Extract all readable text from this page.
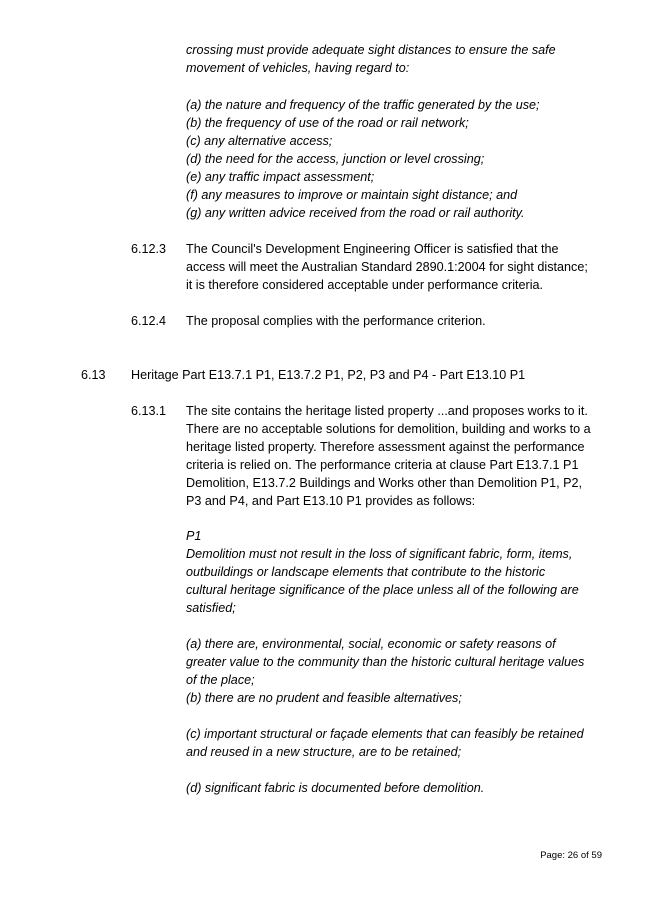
crossing must provide adequate sight distances to ensure the safe
movement of vehicles, having regard to:
(a) the nature and frequency of the traffic generated by the use;
(b) the frequency of use of the road or rail network;
(c) any alternative access;
(d) the need for the access, junction or level crossing;
(e) any traffic impact assessment;
(f) any measures to improve or maintain sight distance; and
(g) any written advice received from the road or rail authority.
6.12.3 The Council's Development Engineering Officer is satisfied that the
access will meet the Australian Standard 2890.1:2004 for sight distance;
it is therefore considered acceptable under performance criteria.
6.12.4 The proposal complies with the performance criterion.
6.13 Heritage Part E13.7.1 P1, E13.7.2 P1, P2, P3 and P4 - Part E13.10 P1
6.13.1 The site contains the heritage listed property ...and proposes works to it.
There are no acceptable solutions for demolition, building and works to a
heritage listed property. Therefore assessment against the performance
criteria is relied on. The performance criteria at clause Part E13.7.1 P1
Demolition, E13.7.2 Buildings and Works other than Demolition P1, P2,
P3 and P4, and Part E13.10 P1 provides as follows:
P1
Demolition must not result in the loss of significant fabric, form, items,
outbuildings or landscape elements that contribute to the historic
cultural heritage significance of the place unless all of the following are
satisfied;
(a) there are, environmental, social, economic or safety reasons of
greater value to the community than the historic cultural heritage values
of the place;
(b) there are no prudent and feasible alternatives;
(c) important structural or façade elements that can feasibly be retained
and reused in a new structure, are to be retained;
(d) significant fabric is documented before demolition.
Page: 26 of 59
